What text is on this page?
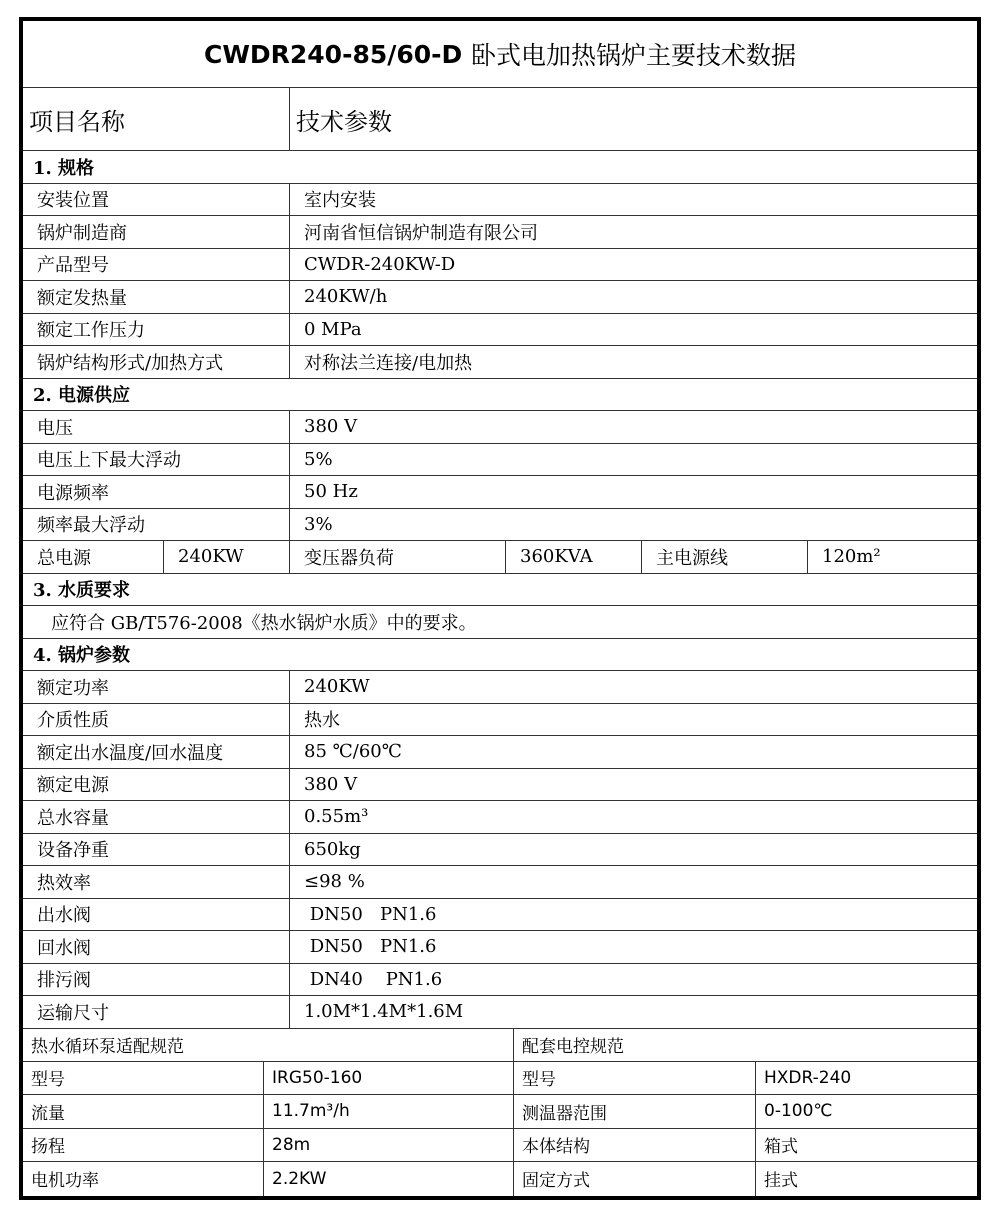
CWDR240-85/60-D
卧式电加热锅炉主要技术数据
项目名称	技术参数
1. 规格
安装位置	室内安装
锅炉制造商	河南省恒信锅炉制造有限公司
产品型号	CWDR-240KW-D
额定发热量	240KW/h
额定工作压力	0 MPa
锅炉结构形式/加热方式	对称法兰连接/电加热
2. 电源供应
电压	380 V
电压上下最大浮动	5%
电源频率	50 Hz
频率最大浮动	3%
总电源	240KW	变压器负荷	360KVA	主电源线	120m²
3. 水质要求
应符合 GB/T576-2008《热水锅炉水质》中的要求。
4. 锅炉参数
额定功率	240KW
介质性质	热水
额定出水温度/回水温度	85 ℃/60℃
额定电源	380 V
总水容量	0.55m³
设备净重	650kg
热效率	≤98 %
出水阀	DN50   PN1.6
回水阀	DN50   PN1.6
排污阀	DN40    PN1.6
运输尺寸	1.0M*1.4M*1.6M
热水循环泵适配规范	配套电控规范
型号	IRG50-160	型号	HXDR-240
流量	11.7m³/h	测温器范围	0-100℃
扬程	28m	本体结构	箱式
电机功率	2.2KW	固定方式	挂式
